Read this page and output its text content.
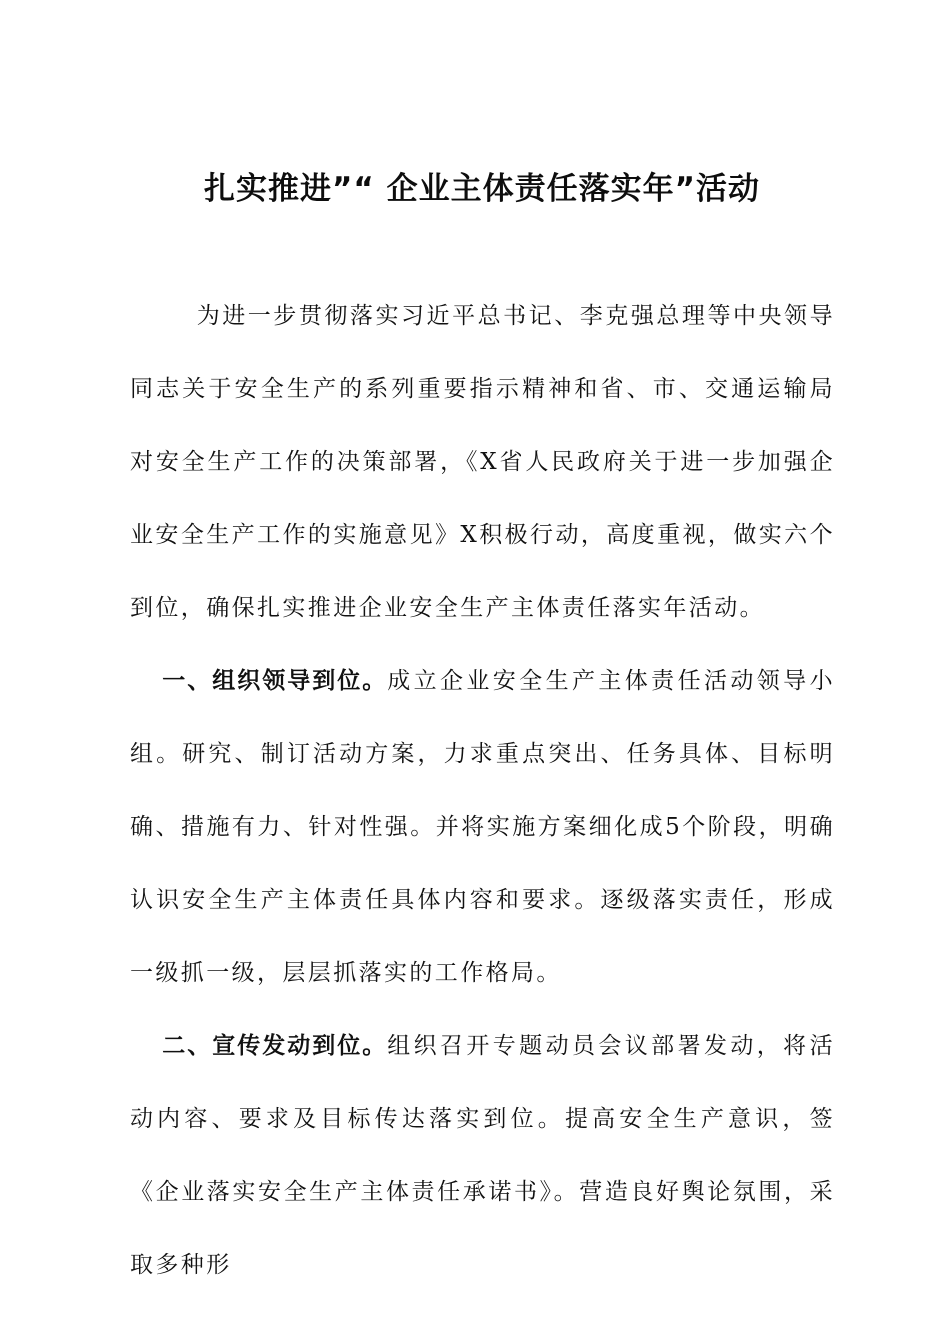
扎实推进”“ 企业主体责任落实年”活动

为进一步贯彻落实习近平总书记、李克强总理等中央领导同志关于安全生产的系列重要指示精神和省、市、交通运输局对安全生产工作的决策部署，《X省人民政府关于进一步加强企业安全生产工作的实施意见》X积极行动，高度重视，做实六个到位，确保扎实推进企业安全生产主体责任落实年活动。

一、组织领导到位。成立企业安全生产主体责任活动领导小组。研究、制订活动方案，力求重点突出、任务具体、目标明确、措施有力、针对性强。并将实施方案细化成5个阶段，明确认识安全生产主体责任具体内容和要求。逐级落实责任，形成一级抓一级，层层抓落实的工作格局。

二、宣传发动到位。组织召开专题动员会议部署发动，将活动内容、要求及目标传达落实到位。提高安全生产意识，签《企业落实安全生产主体责任承诺书》。营造良好舆论氛围，采取多种形
